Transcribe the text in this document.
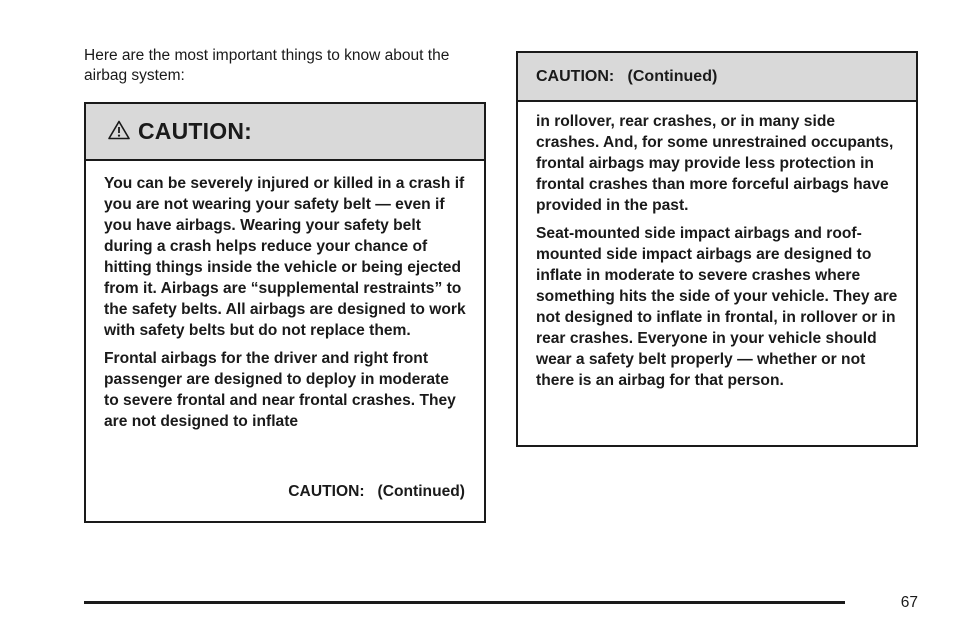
Here are the most important things to know about the airbag system:

CAUTION:

You can be severely injured or killed in a crash if you are not wearing your safety belt — even if you have airbags. Wearing your safety belt during a crash helps reduce your chance of hitting things inside the vehicle or being ejected from it. Airbags are “supplemental restraints” to the safety belts. All airbags are designed to work with safety belts but do not replace them.

Frontal airbags for the driver and right front passenger are designed to deploy in moderate to severe frontal and near frontal crashes. They are not designed to inflate

CAUTION:   (Continued)
CAUTION:   (Continued)

in rollover, rear crashes, or in many side crashes. And, for some unrestrained occupants, frontal airbags may provide less protection in frontal crashes than more forceful airbags have provided in the past.

Seat-mounted side impact airbags and roof-mounted side impact airbags are designed to inflate in moderate to severe crashes where something hits the side of your vehicle. They are not designed to inflate in frontal, in rollover or in rear crashes. Everyone in your vehicle should wear a safety belt properly — whether or not there is an airbag for that person.

67
